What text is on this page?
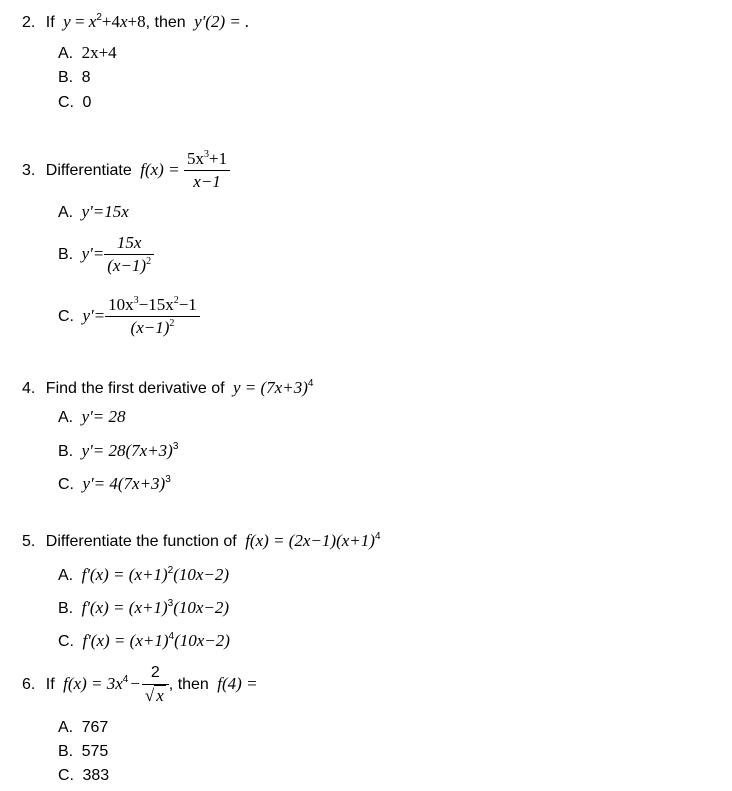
2. If $y = x^2+4x+8$, then y'(2) = .
A. 2x+4
B. 8
C. 0
3. Differentiate $f(x) = \frac{5x^3+1}{x-1}$
A. y'=15x
B. $y'= \frac{15x}{(x-1)^2}$
C. $y'= \frac{10x^3-15x^2-1}{(x-1)^2}$
4. Find the first derivative of $y = (7x+3)^4$
A. y'= 28
B. $y'= 28(7x+3)^3$
C. $y'= 4(7x+3)^3$
5. Differentiate the function of $f(x) = (2x-1)(x+1)^4$
A. $f'(x) = (x+1)^2(10x-2)$
B. $f'(x) = (x+1)^3(10x-2)$
C. $f'(x) = (x+1)^4(10x-2)$
6. If $f(x) = 3x^4 - \frac{2}{√ x}$ , then f(4) =
A. 767
B. 575
C. 383
